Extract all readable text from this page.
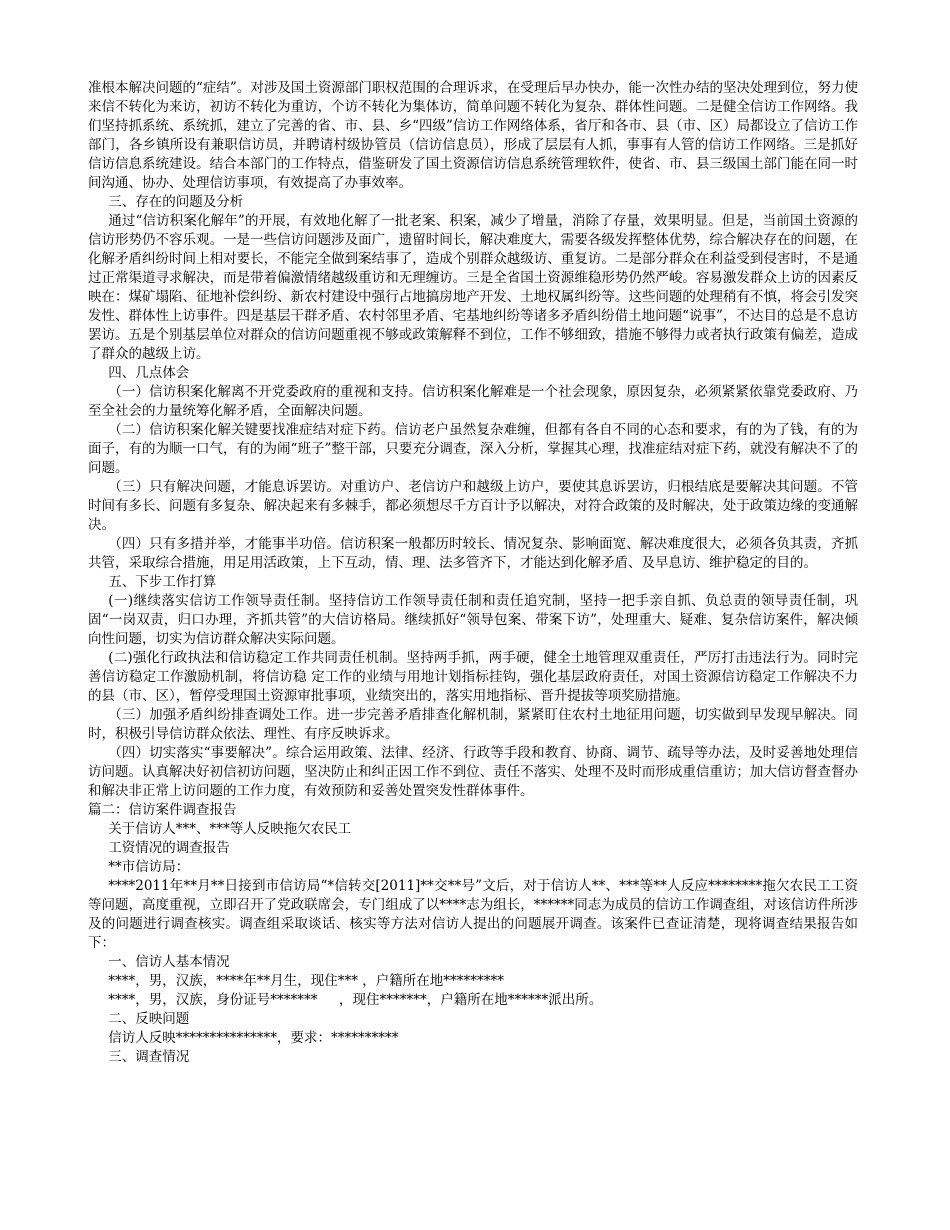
准根本解决问题的“症结”。对涉及国土资源部门职权范围的合理诉求，在受理后早办快办，能一次性办结的坚决处理到位，努力使来信不转化为来访，初访不转化为重访，个访不转化为集体访，简单问题不转化为复杂、群体性问题。二是健全信访工作网络。我们坚持抓系统、系统抓，建立了完善的省、市、县、乡“四级”信访工作网络体系，省厅和各市、县（市、区）局都设立了信访工作部门，各乡镇所设有兼职信访员，并聘请村级协管员（信访信息员），形成了层层有人抓，事事有人管的信访工作网络。三是抓好信访信息系统建设。结合本部门的工作特点，借鉴研发了国土资源信访信息系统管理软件，使省、市、县三级国土部门能在同一时间沟通、协办、处理信访事项，有效提高了办事效率。

三、存在的问题及分析

通过“信访积案化解年”的开展，有效地化解了一批老案、积案，减少了增量，消除了存量，效果明显。但是，当前国土资源的信访形势仍不容乐观。一是一些信访问题涉及面广，遗留时间长，解决难度大，需要各级发挥整体优势，综合解决存在的问题，在化解矛盾纠纷时间上相对要长，不能完全做到案结事了，造成个别群众越级访、重复访。二是部分群众在利益受到侵害时，不是通过正常渠道寻求解决，而是带着偏激情绪越级重访和无理缠访。三是全省国土资源维稳形势仍然严峻。容易激发群众上访的因素反映在：煤矿塌陷、征地补偿纠纷、新农村建设中强行占地搞房地产开发、土地权属纠纷等。这些问题的处理稍有不慎，将会引发突发性、群体性上访事件。四是基层干群矛盾、农村邻里矛盾、宅基地纠纷等诸多矛盾纠纷借土地问题“说事”，不达目的总是不息访罢访。五是个别基层单位对群众的信访问题重视不够或政策解释不到位，工作不够细致，措施不够得力或者执行政策有偏差，造成了群众的越级上访。

四、几点体会

（一）信访积案化解离不开党委政府的重视和支持。信访积案化解难是一个社会现象，原因复杂，必须紧紧依靠党委政府、乃至全社会的力量统筹化解矛盾，全面解决问题。

（二）信访积案化解关键要找准症结对症下药。信访老户虽然复杂难缠，但都有各自不同的心态和要求，有的为了钱，有的为面子，有的为顺一口气，有的为闹“班子”整干部，只要充分调查，深入分析，掌握其心理，找准症结对症下药，就没有解决不了的问题。

（三）只有解决问题，才能息诉罢访。对重访户、老信访户和越级上访户，要使其息诉罢访，归根结底是要解决其问题。不管时间有多长、问题有多复杂、解决起来有多棘手，都必须想尽千方百计予以解决，对符合政策的及时解决，处于政策边缘的变通解决。

（四）只有多措并举，才能事半功倍。信访积案一般都历时较长、情况复杂、影响面宽、解决难度很大，必须各负其责，齐抓共管，采取综合措施，用足用活政策，上下互动，情、理、法多管齐下，才能达到化解矛盾、及早息访、维护稳定的目的。

五、下步工作打算

(一)继续落实信访工作领导责任制。坚持信访工作领导责任制和责任追究制，坚持一把手亲自抓、负总责的领导责任制，巩固“一岗双责，归口办理，齐抓共管”的大信访格局。继续抓好“领导包案、带案下访”，处理重大、疑难、复杂信访案件，解决倾向性问题，切实为信访群众解决实际问题。

(二)强化行政执法和信访稳定工作共同责任机制。坚持两手抓，两手硬，健全土地管理双重责任，严厉打击违法行为。同时完善信访稳定工作激励机制，将信访稳 定工作的业绩与用地计划指标挂钩，强化基层政府责任，对国土资源信访稳定工作解决不力的县（市、区），暂停受理国土资源审批事项，业绩突出的，落实用地指标、晋升提拔等项奖励措施。

（三）加强矛盾纠纷排查调处工作。进一步完善矛盾排查化解机制，紧紧盯住农村土地征用问题，切实做到早发现早解决。同时，积极引导信访群众依法、理性、有序反映诉求。

（四）切实落实“事要解决”。综合运用政策、法律、经济、行政等手段和教育、协商、调节、疏导等办法，及时妥善地处理信访问题。认真解决好初信初访问题，坚决防止和纠正因工作不到位、责任不落实、处理不及时而形成重信重访；加大信访督查督办和解决非正常上访问题的工作力度，有效预防和妥善处置突发性群体事件。

篇二：信访案件调查报告

关于信访人***、***等人反映拖欠农民工

工资情况的调查报告

**市信访局：

****2011年**月**日接到市信访局“*信转交[2011]**交**号”文后，对于信访人**、***等**人反应********拖欠农民工工资等问题，高度重视，立即召开了党政联席会，专门组成了以****志为组长，******同志为成员的信访工作调查组，对该信访件所涉及的问题进行调查核实。调查组采取谈话、核实等方法对信访人提出的问题展开调查。该案件已查证清楚，现将调查结果报告如下：

一、信访人基本情况

****，男，汉族，****年**月生，现住*** ，户籍所在地*********

****，男，汉族，身份证号*******     ，现住*******，户籍所在地******派出所。

二、反映问题

信访人反映***************，要求：**********

三、调查情况
